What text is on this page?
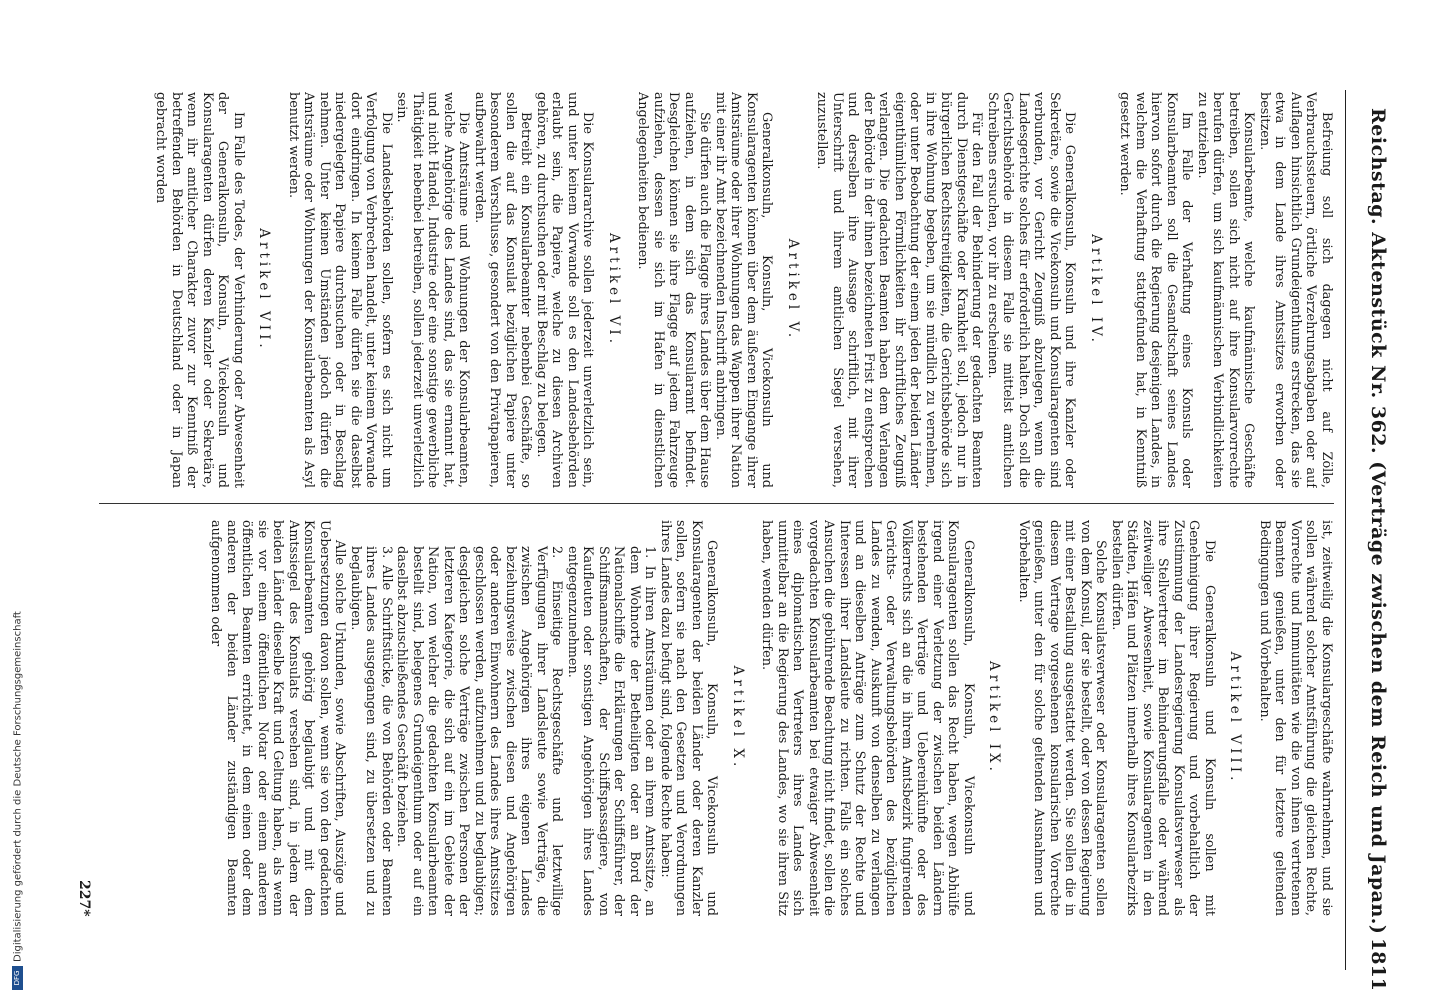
Reichstag. Aktenstück Nr. 362. (Verträge zwischen dem Reich und Japan.)
1811

Befreiung soll sich dagegen nicht auf Zölle, Verbrauchssteuern, örtliche Verzehrungsabgaben oder auf Auflagen hinsichtlich Grundeigenthums erstrecken, das sie etwa in dem Lande ihres Amtssitzes erworben oder besitzen.

Konsularbeamte, welche kaufmännische Geschäfte betreiben, sollen sich nicht auf ihre Konsularvorrechte berufen dürfen, um sich kaufmännischen Verbindlichkeiten zu entziehen.

Im Falle der Verhaftung eines Konsuls oder Konsularbeamten soll die Gesandtschaft seines Landes hiervon sofort durch die Regierung desjenigen Landes, in welchem die Verhaftung stattgefunden hat, in Kenntniß gesetzt werden.

Artikel IV.

Die Generalkonsuln, Konsuln und ihre Kanzler oder Sekretäre, sowie die Vicekonsuln und Konsularagenten sind verbunden, vor Gericht Zeugniß abzulegen, wenn die Landesgerichte solches für erforderlich halten. Doch soll die Gerichtsbehörde in diesem Falle sie mittelst amtlichen Schreibens ersuchen, vor ihr zu erscheinen.

Für den Fall der Behinderung der gedachten Beamten durch Dienstgeschäfte oder Krankheit soll, jedoch nur in bürgerlichen Rechtsstreitigkeiten, die Gerichtsbehörde sich in ihre Wohnung begeben, um sie mündlich zu vernehmen, oder unter Beobachtung der einem jeden der beiden Länder eigenthümlichen Förmlichkeiten ihr schriftliches Zeugniß verlangen. Die gedachten Beamten haben dem Verlangen der Behörde in der ihnen bezeichneten Frist zu entsprechen und derselben ihre Aussage schriftlich, mit ihrer Unterschrift und ihrem amtlichen Siegel versehen, zuzustellen.

Artikel V.

Generalkonsuln, Konsuln, Vicekonsuln und Konsularagenten können über dem äußeren Eingange ihrer Amtsräume oder ihrer Wohnungen das Wappen ihrer Nation mit einer ihr Amt bezeichnenden Inschrift anbringen.

Sie dürfen auch die Flagge ihres Landes über dem Hause aufziehen, in dem sich das Konsularamt befindet. Desgleichen können sie ihre Flagge auf jedem Fahrzeuge aufziehen, dessen sie sich im Hafen in dienstlichen Angelegenheiten bedienen.

Artikel VI.

Die Konsulararchive sollen jederzeit unverletzlich sein, und unter keinem Vorwande soll es den Landesbehörden erlaubt sein, die Papiere, welche zu diesen Archiven gehören, zu durchsuchen oder mit Beschlag zu belegen.

Betreibt ein Konsularbeamter nebenbei Geschäfte, so sollen die auf das Konsulat bezüglichen Papiere unter besonderem Verschlusse, gesondert von den Privatpapieren, aufbewahrt werden.

Die Amtsräume und Wohnungen der Konsularbeamten, welche Angehörige des Landes sind, das sie ernannt hat, und nicht Handel, Industrie oder eine sonstige gewerbliche Thätigkeit nebenbei betreiben, sollen jederzeit unverletzlich sein.

Die Landesbehörden sollen, sofern es sich nicht um Verfolgung von Verbrechen handelt, unter keinem Vorwande dort eindringen. In keinem Falle dürfen sie die daselbst niedergelegten Papiere durchsuchen oder in Beschlag nehmen. Unter keinen Umständen jedoch dürfen die Amtsräume oder Wohnungen der Konsularbeamten als Asyl benutzt werden.

Artikel VII.

Im Falle des Todes, der Verhinderung oder Abwesenheit der Generalkonsuln, Konsuln, Vicekonsuln und Konsularagenten dürfen deren Kanzler oder Sekretäre, wenn ihr amtlicher Charakter zuvor zur Kenntniß der betreffenden Behörden in Deutschland oder in Japan gebracht worden

ist, zeitweilig die Konsulargeschäfte wahrnehmen, und sie sollen während solcher Amtsführung die gleichen Rechte, Vorrechte und Immunitäten wie die von ihnen vertretenen Beamten genießen, unter den für letztere geltenden Bedingungen und Vorbehalten.

Artikel VIII.

Die Generalkonsuln und Konsuln sollen mit Genehmigung ihrer Regierung und vorbehaltlich der Zustimmung der Landesregierung Konsulatsverweser als ihre Stellvertreter im Behinderungsfalle oder während zeitweiliger Abwesenheit, sowie Konsularagenten in den Städten, Häfen und Plätzen innerhalb ihres Konsularbezirks bestellen dürfen.

Solche Konsulatsverweser oder Konsularagenten sollen von dem Konsul, der sie bestellt, oder von dessen Regierung mit einer Bestallung ausgestattet werden. Sie sollen die in diesem Vertrage vorgesehenen konsularischen Vorrechte genießen, unter den für solche geltenden Ausnahmen und Vorbehalten.

Artikel IX.

Generalkonsuln, Konsuln, Vicekonsuln und Konsularagenten sollen das Recht haben, wegen Abhülfe irgend einer Verletzung der zwischen beiden Ländern bestehenden Verträge und Uebereinkünfte oder des Völkerrechts sich an die in ihrem Amtsbezirk fungirenden Gerichts- oder Verwaltungsbehörden des bezüglichen Landes zu wenden, Auskunft von denselben zu verlangen und an dieselben Anträge zum Schutz der Rechte und Interessen ihrer Landsleute zu richten. Falls ein solches Ansuchen die gebührende Beachtung nicht findet, sollen die vorgedachten Konsularbeamten bei etwaiger Abwesenheit eines diplomatischen Vertreters ihres Landes sich unmittelbar an die Regierung des Landes, wo sie ihren Sitz haben, wenden dürfen.

Artikel X.

Generalkonsuln, Konsuln, Vicekonsuln und Konsularagenten der beiden Länder oder deren Kanzler sollen, sofern sie nach den Gesetzen und Verordnungen ihres Landes dazu befugt sind, folgende Rechte haben:

1. In ihren Amtsräumen oder an ihrem Amtssitze, an dem Wohnorte der Betheiligten oder an Bord der Nationalschiffe die Erklärungen der Schiffsführer, der Schiffsmannschaften, der Schiffspassagiere, von Kaufleuten oder sonstigen Angehörigen ihres Landes entgegenzunehmen.
2. Einseitige Rechtsgeschäfte und letztwillige Verfügungen ihrer Landsleute sowie Verträge, die zwischen Angehörigen ihres eigenen Landes beziehungsweise zwischen diesen und Angehörigen oder anderen Einwohnern des Landes ihres Amtssitzes geschlossen werden, aufzunehmen und zu beglaubigen; desgleichen solche Verträge zwischen Personen der letzteren Kategorie, die sich auf ein im Gebiete der Nation, von welcher die gedachten Konsularbeamten bestellt sind, belegenes Grundeigenthum oder auf ein daselbst abzuschließendes Geschäft beziehen.
3. Alle Schriftstücke, die von Behörden oder Beamten ihres Landes ausgegangen sind, zu übersetzen und zu beglaubigen.

Alle solche Urkunden, sowie Abschriften, Auszüge und Uebersetzungen davon sollen, wenn sie von den gedachten Konsularbeamten gehörig beglaubigt und mit dem Amtssiegel des Konsulats versehen sind, in jedem der beiden Länder dieselbe Kraft und Geltung haben, als wenn sie vor einem öffentlichen Notar oder einem anderen öffentlichen Beamten errichtet, in dem einen oder dem anderen der beiden Länder zuständigen Beamten aufgenommen oder

227*
DFGDigitalisierung gefördert durch die Deutsche Forschungsgemeinschaft
